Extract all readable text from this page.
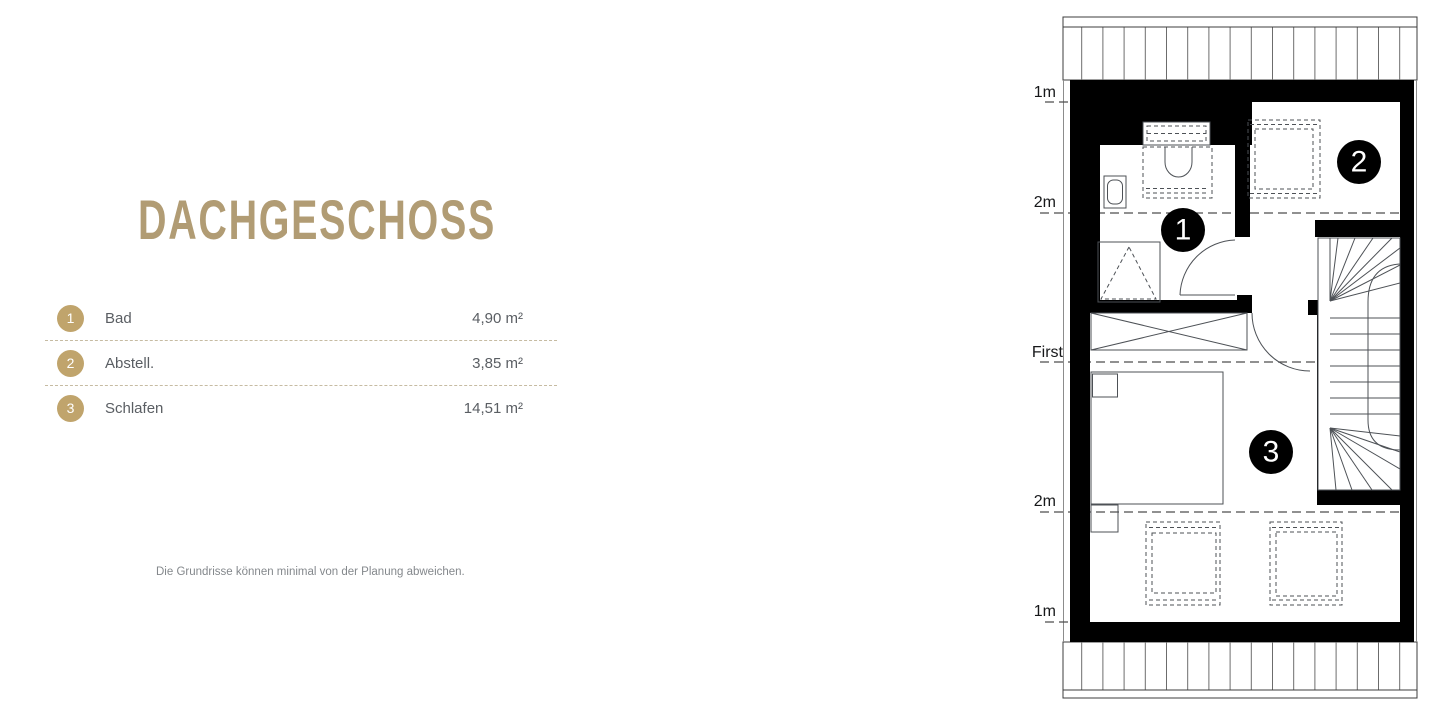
DACHGESCHOSS
1	Bad	4,90 m²
2	Abstell.	3,85 m²
3	Schlafen	14,51 m²
Die Grundrisse können minimal von der Planung abweichen.
1
2
3
1m
2m
First
2m
1m
